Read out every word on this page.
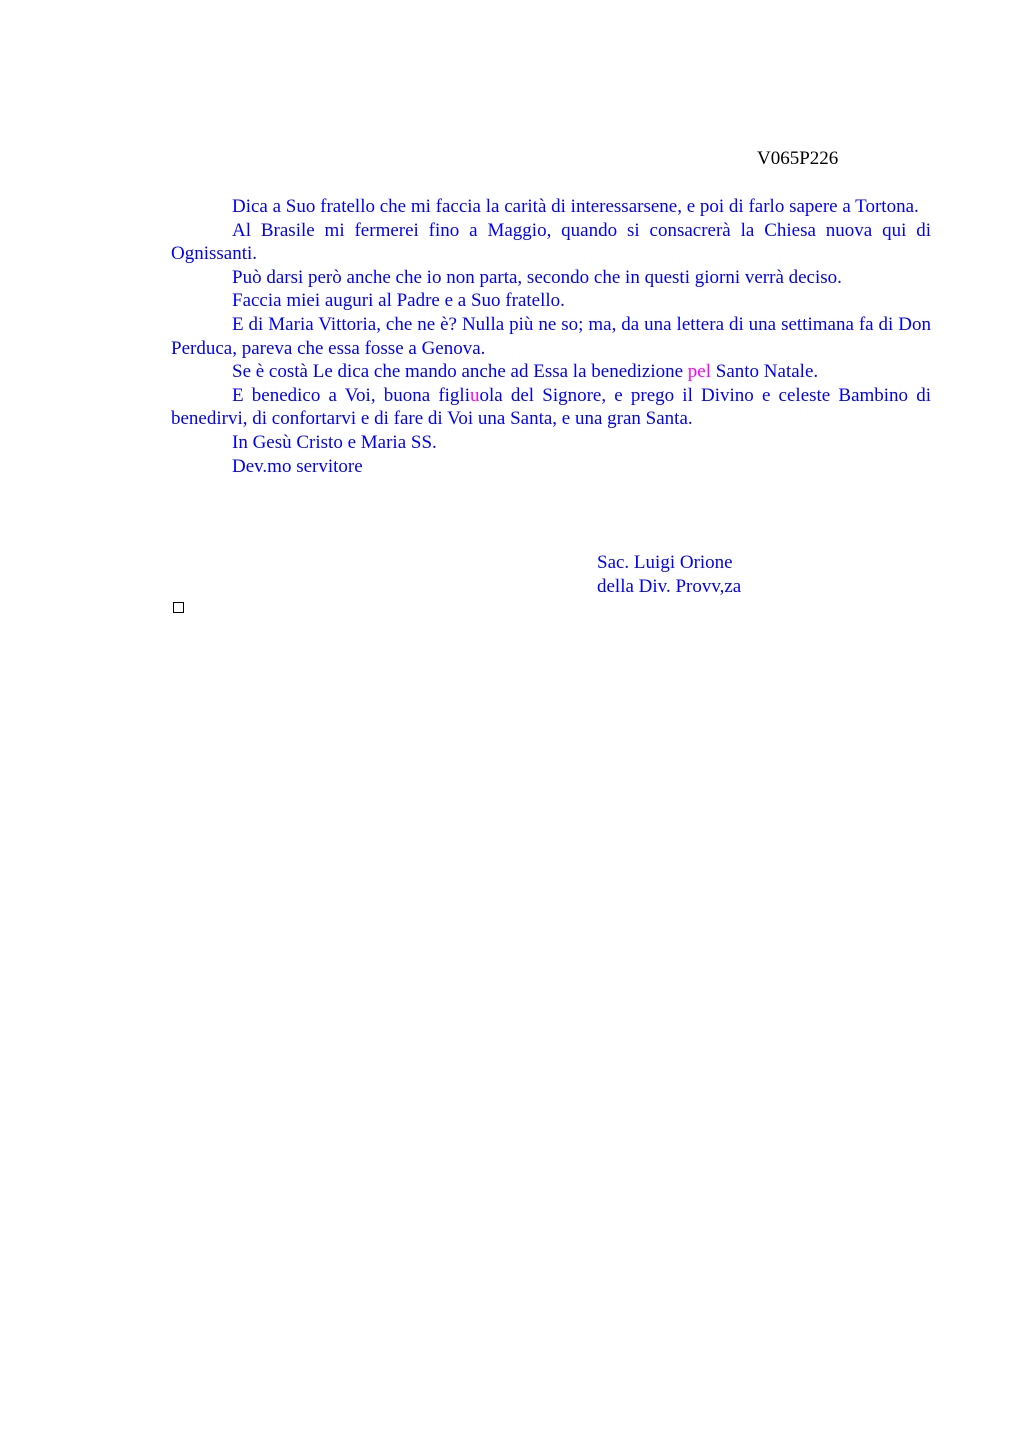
V065P226

Dica a Suo fratello che mi faccia la carità di interessarsene, e poi di farlo sapere a Tortona.

Al Brasile mi fermerei fino a Maggio, quando si consacrerà la Chiesa nuova qui di Ognissanti.

Può darsi però anche che io non parta, secondo che in questi giorni verrà deciso.

Faccia miei auguri al Padre e a Suo fratello.

E di Maria Vittoria, che ne è? Nulla più ne so; ma, da una lettera di una settimana fa di Don Perduca, pareva che essa fosse a Genova.

Se è costà Le dica che mando anche ad Essa la benedizione pel Santo Natale.

E benedico a Voi, buona figliuola del Signore, e prego il Divino e celeste Bambino di benedirvi, di confortarvi e di fare di Voi una Santa, e una gran Santa.

In Gesù Cristo e Maria SS.

Dev.mo servitore

Sac. Luigi Orione
della Div. Provv,za
